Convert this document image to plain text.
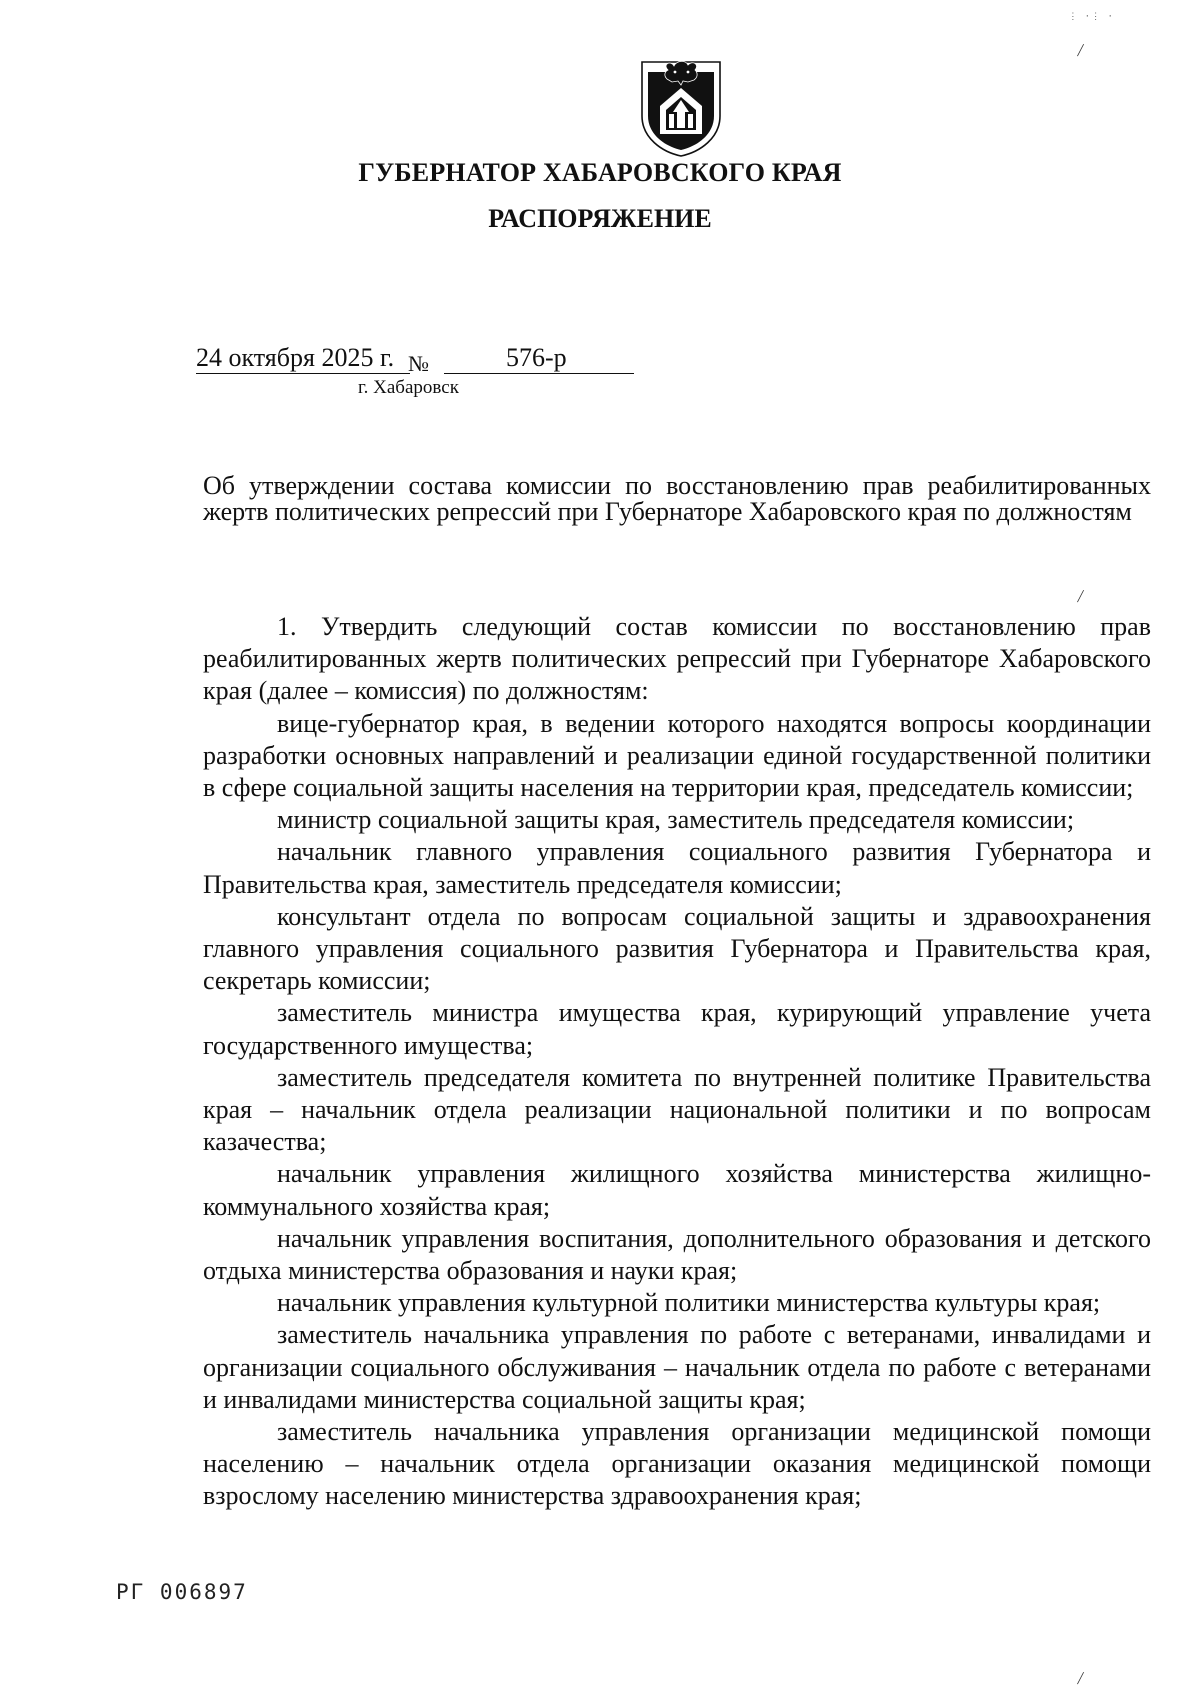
⋮ ⋅⋮ ⋅
/
/
/
ГУБЕРНАТОР ХАБАРОВСКОГО КРАЯ
РАСПОРЯЖЕНИЕ
24 октября 2025 г. №	576-р
г. Хабаровск
Об утверждении состава комиссии по восстановлению прав реабилитированных жертв политических репрессий при Губернаторе Хабаровского края по должностям

1. Утвердить следующий состав комиссии по восстановлению прав реабилитированных жертв политических репрессий при Губернаторе Хабаровского края (далее – комиссия) по должностям:

вице-губернатор края, в ведении которого находятся вопросы координации разработки основных направлений и реализации единой государственной политики в сфере социальной защиты населения на территории края, председатель комиссии;

министр социальной защиты края, заместитель председателя комиссии;

начальник главного управления социального развития Губернатора и Правительства края, заместитель председателя комиссии;

консультант отдела по вопросам социальной защиты и здравоохранения главного управления социального развития Губернатора и Правительства края, секретарь комиссии;

заместитель министра имущества края, курирующий управление учета государственного имущества;

заместитель председателя комитета по внутренней политике Правительства края – начальник отдела реализации национальной политики и по вопросам казачества;

начальник управления жилищного хозяйства министерства жилищно-коммунального хозяйства края;

начальник управления воспитания, дополнительного образования и детского отдыха министерства образования и науки края;

начальник управления культурной политики министерства культуры края;

заместитель начальника управления по работе с ветеранами, инвалидами и организации социального обслуживания – начальник отдела по работе с ветеранами и инвалидами министерства социальной защиты края;

заместитель начальника управления организации медицинской помощи населению – начальник отдела организации оказания медицинской помощи взрослому населению министерства здравоохранения края;

РГ 006897
